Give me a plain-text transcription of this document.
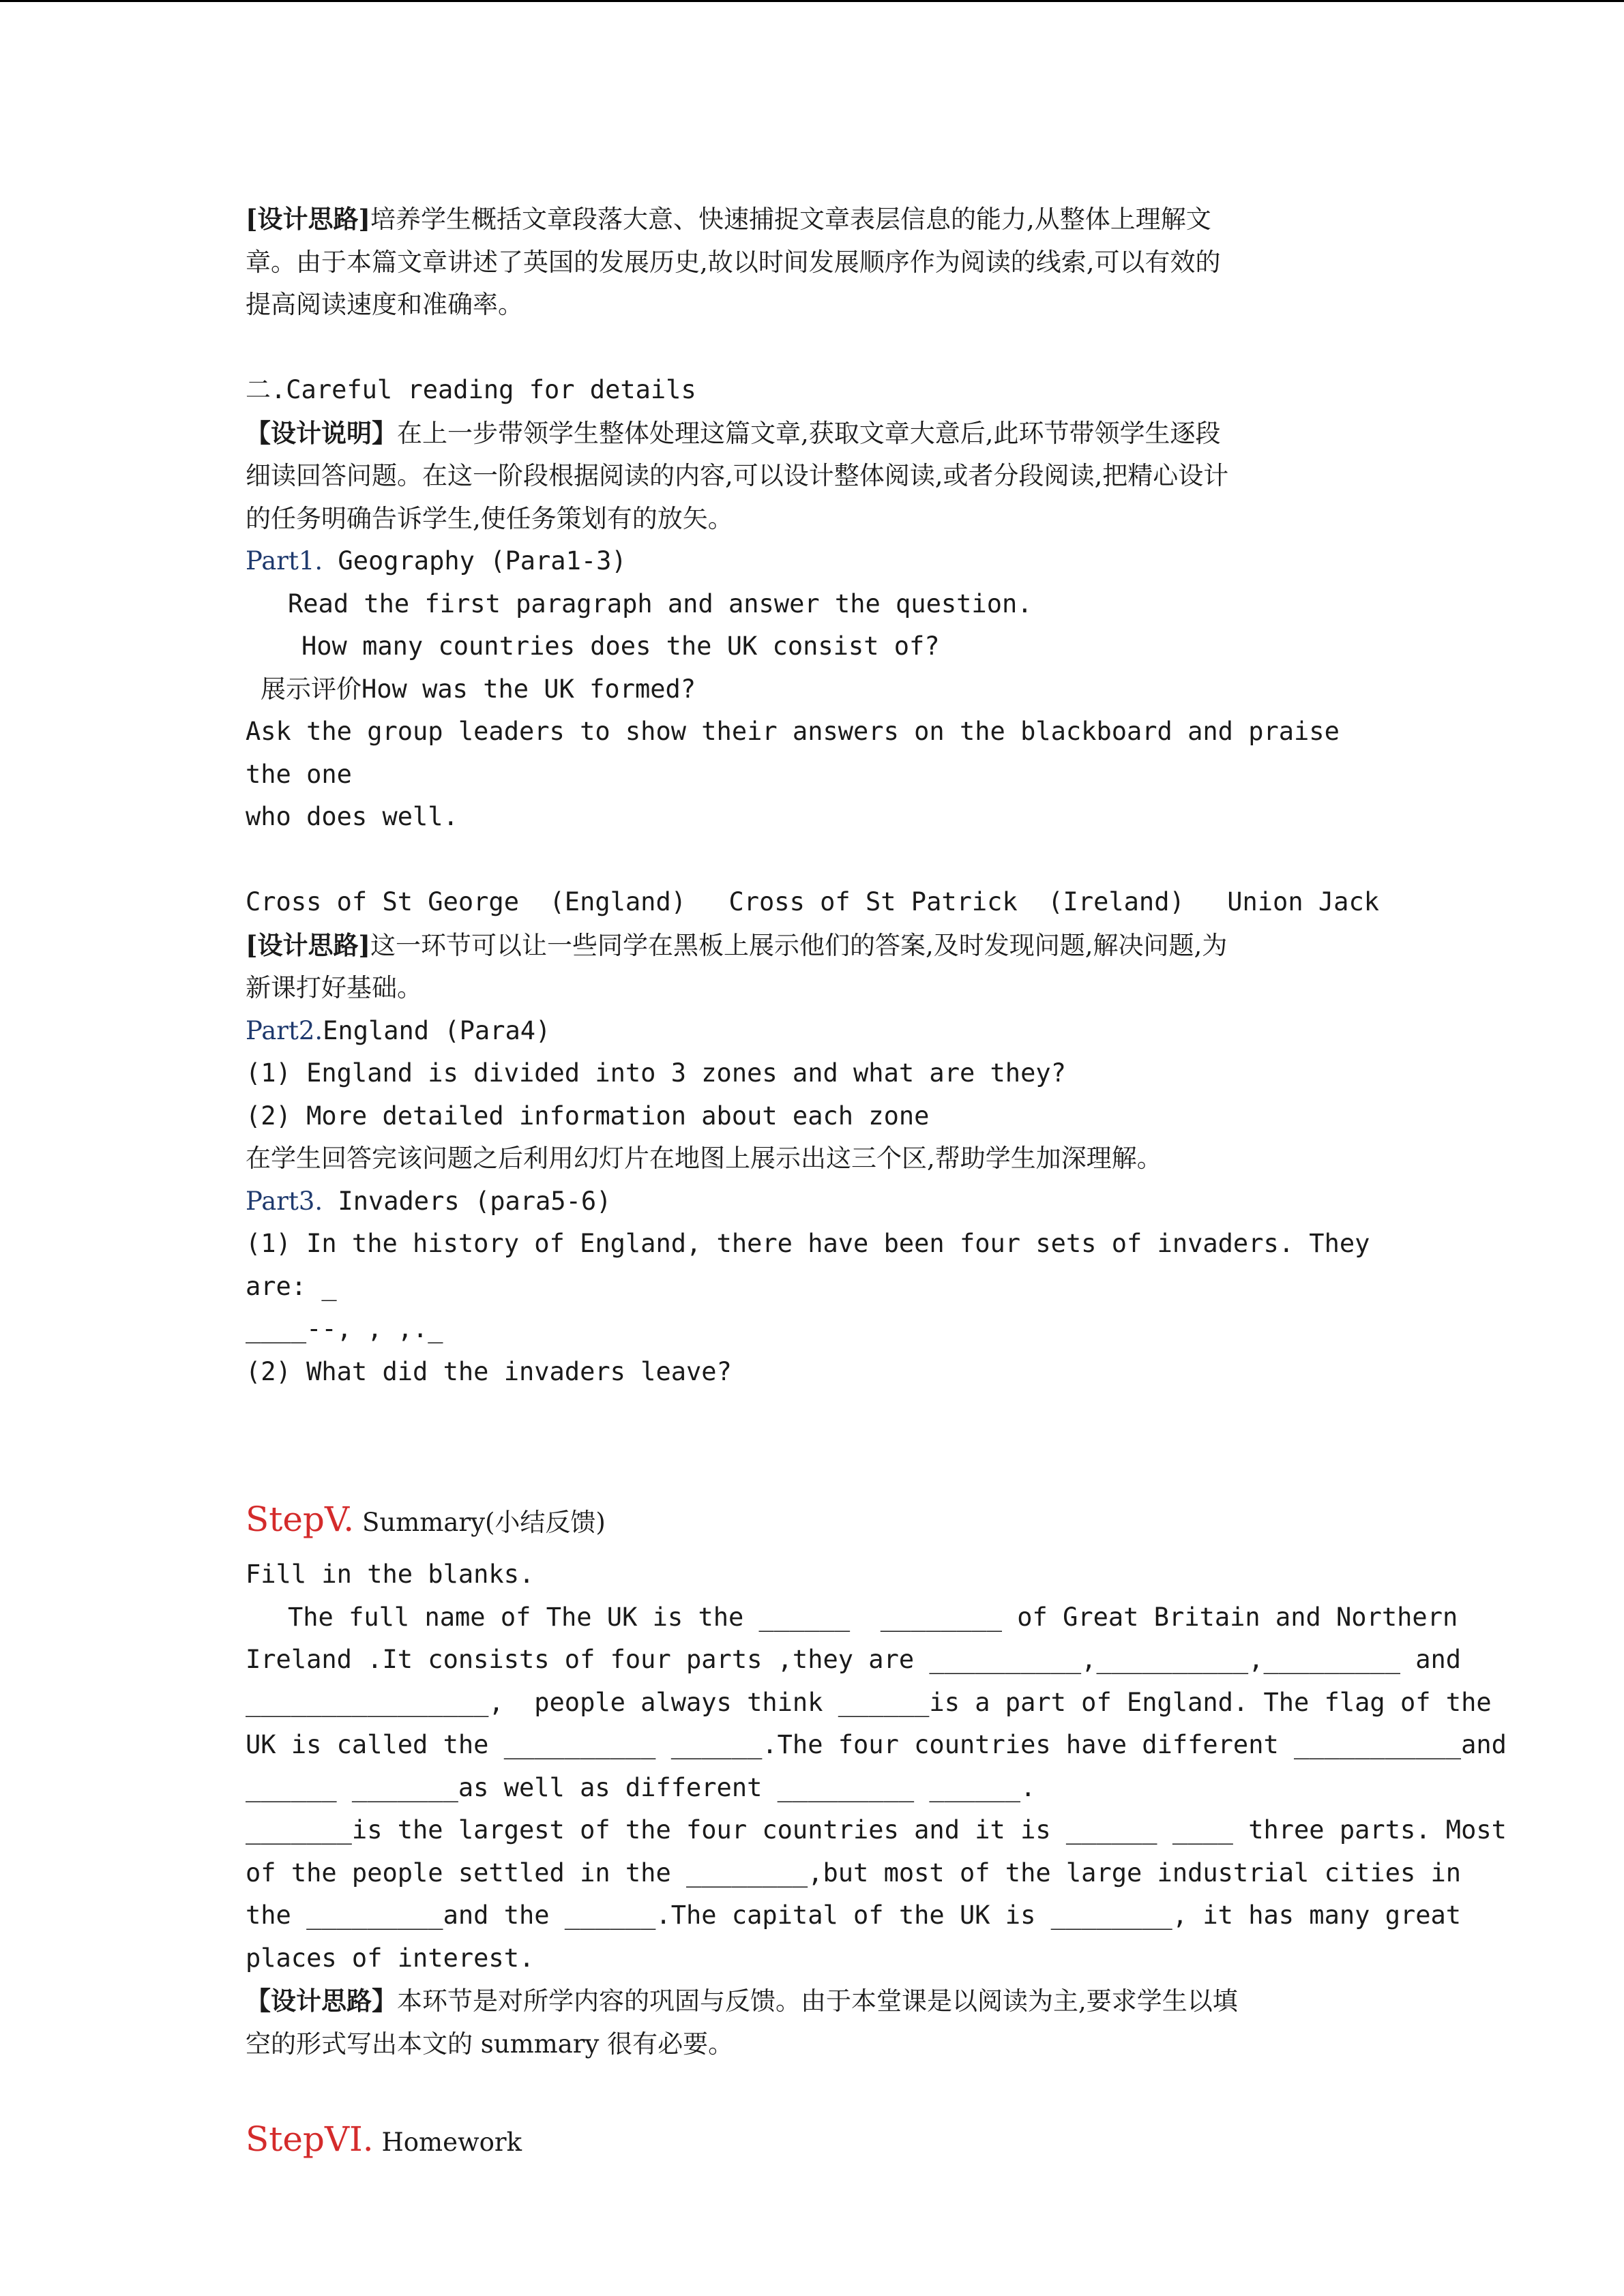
[设计思路]培养学生概括文章段落大意、快速捕捉文章表层信息的能力,从整体上理解文

章。由于本篇文章讲述了英国的发展历史,故以时间发展顺序作为阅读的线索,可以有效的

提高阅读速度和准确率。

二.Careful reading for details

【设计说明】在上一步带领学生整体处理这篇文章,获取文章大意后,此环节带领学生逐段

细读回答问题。在这一阶段根据阅读的内容,可以设计整体阅读,或者分段阅读,把精心设计

的任务明确告诉学生,使任务策划有的放矢。

Part1. Geography (Para1-3)

Read the first paragraph and answer the question.

How many countries does the UK consist of?

展示评价How was the UK formed?

Ask the group leaders to show their answers on the blackboard and praise the one

who does well.

Cross of St George  (England) Cross of St Patrick  (Ireland) Union Jack

[设计思路]这一环节可以让一些同学在黑板上展示他们的答案,及时发现问题,解决问题,为

新课打好基础。

Part2.England (Para4)

(1) England is divided into 3 zones and what are they?

(2) More detailed information about each zone

在学生回答完该问题之后利用幻灯片在地图上展示出这三个区,帮助学生加深理解。

Part3. Invaders (para5-6)

(1) In the history of England, there have been four sets of invaders. They are: _

____--, , ,._

(2) What did the invaders leave?

StepV. Summary(小结反馈)

Fill in the blanks.

The full name of The UK is the ______  ________ of Great Britain and Northern

Ireland .It consists of four parts ,they are __________,__________,_________ and

________________,  people always think ______is a part of England. The flag of the

UK is called the __________ ______.The four countries have different ___________and

______ _______as well as different _________ ______.

_______is the largest of the four countries and it is ______ ____ three parts. Most

of the people settled in the ________,but most of the large industrial cities in

the _________and the ______.The capital of the UK is ________, it has many great

places of interest.

【设计思路】本环节是对所学内容的巩固与反馈。由于本堂课是以阅读为主,要求学生以填

空的形式写出本文的 summary 很有必要。

StepVI. Homework
